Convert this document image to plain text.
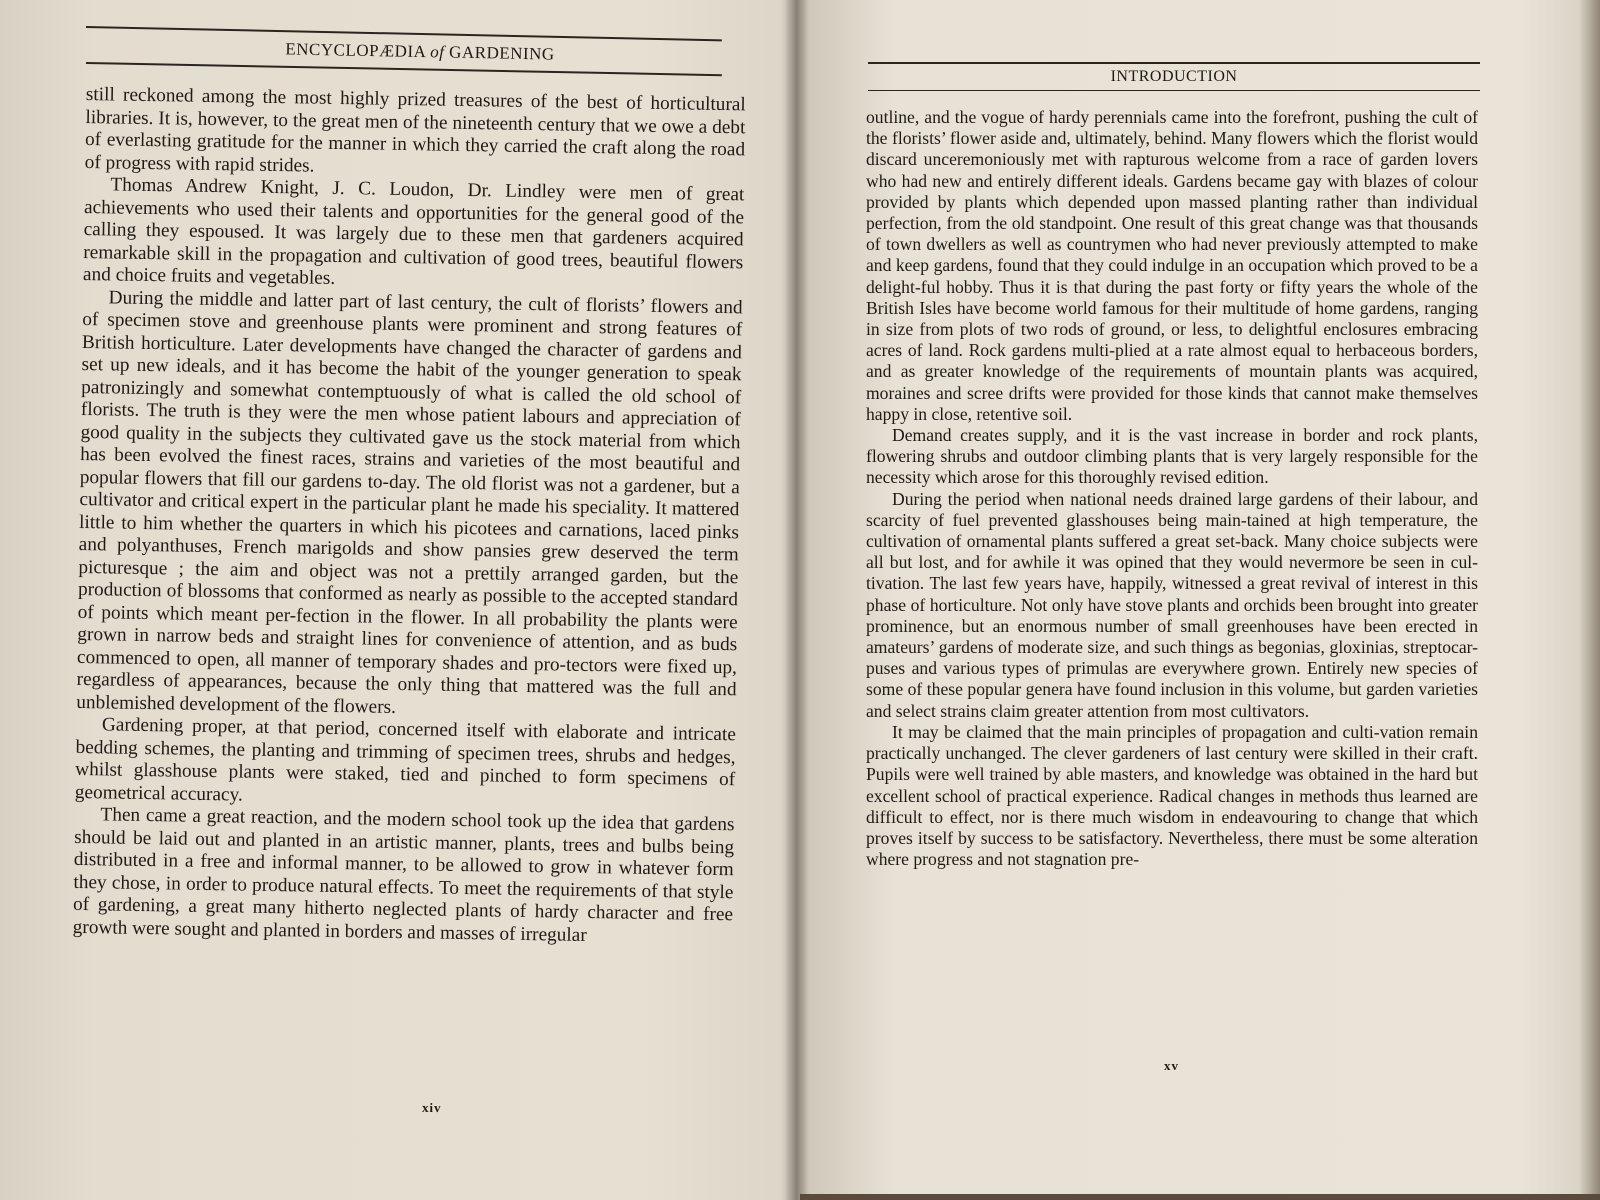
ENCYCLOPÆDIA of GARDENING

still reckoned among the most highly prized treasures of the best of horticultural libraries. It is, however, to the great men of the nineteenth century that we owe a debt of everlasting gratitude for the manner in which they carried the craft along the road of progress with rapid strides.

Thomas Andrew Knight, J. C. Loudon, Dr. Lindley were men of great achievements who used their talents and opportunities for the general good of the calling they espoused. It was largely due to these men that gardeners acquired remarkable skill in the propagation and cultivation of good trees, beautiful flowers and choice fruits and vegetables.

During the middle and latter part of last century, the cult of florists’ flowers and of specimen stove and greenhouse plants were prominent and strong features of British horticulture. Later developments have changed the character of gardens and set up new ideals, and it has become the habit of the younger generation to speak patronizingly and somewhat contemptuously of what is called the old school of florists. The truth is they were the men whose patient labours and appreciation of good quality in the subjects they cultivated gave us the stock material from which has been evolved the finest races, strains and varieties of the most beautiful and popular flowers that fill our gardens to-day. The old florist was not a gardener, but a cultivator and critical expert in the particular plant he made his speciality. It mattered little to him whether the quarters in which his picotees and carnations, laced pinks and polyanthuses, French marigolds and show pansies grew deserved the term picturesque ; the aim and object was not a prettily arranged garden, but the production of blossoms that conformed as nearly as possible to the accepted standard of points which meant per-fection in the flower. In all probability the plants were grown in narrow beds and straight lines for convenience of attention, and as buds commenced to open, all manner of temporary shades and pro-tectors were fixed up, regardless of appearances, because the only thing that mattered was the full and unblemished development of the flowers.

Gardening proper, at that period, concerned itself with elaborate and intricate bedding schemes, the planting and trimming of specimen trees, shrubs and hedges, whilst glasshouse plants were staked, tied and pinched to form specimens of geometrical accuracy.

Then came a great reaction, and the modern school took up the idea that gardens should be laid out and planted in an artistic manner, plants, trees and bulbs being distributed in a free and informal manner, to be allowed to grow in whatever form they chose, in order to produce natural effects. To meet the requirements of that style of gardening, a great many hitherto neglected plants of hardy character and free growth were sought and planted in borders and masses of irregular

xiv
INTRODUCTION

outline, and the vogue of hardy perennials came into the forefront, pushing the cult of the florists’ flower aside and, ultimately, behind. Many flowers which the florist would discard unceremoniously met with rapturous welcome from a race of garden lovers who had new and entirely different ideals. Gardens became gay with blazes of colour provided by plants which depended upon massed planting rather than individual perfection, from the old standpoint. One result of this great change was that thousands of town dwellers as well as countrymen who had never previously attempted to make and keep gardens, found that they could indulge in an occupation which proved to be a delight-ful hobby. Thus it is that during the past forty or fifty years the whole of the British Isles have become world famous for their multitude of home gardens, ranging in size from plots of two rods of ground, or less, to delightful enclosures embracing acres of land. Rock gardens multi-plied at a rate almost equal to herbaceous borders, and as greater knowledge of the requirements of mountain plants was acquired, moraines and scree drifts were provided for those kinds that cannot make themselves happy in close, retentive soil.

Demand creates supply, and it is the vast increase in border and rock plants, flowering shrubs and outdoor climbing plants that is very largely responsible for the necessity which arose for this thoroughly revised edition.

During the period when national needs drained large gardens of their labour, and scarcity of fuel prevented glasshouses being main-tained at high temperature, the cultivation of ornamental plants suffered a great set-back. Many choice subjects were all but lost, and for awhile it was opined that they would nevermore be seen in cul-tivation. The last few years have, happily, witnessed a great revival of interest in this phase of horticulture. Not only have stove plants and orchids been brought into greater prominence, but an enormous number of small greenhouses have been erected in amateurs’ gardens of moderate size, and such things as begonias, gloxinias, streptocar-puses and various types of primulas are everywhere grown. Entirely new species of some of these popular genera have found inclusion in this volume, but garden varieties and select strains claim greater attention from most cultivators.

It may be claimed that the main principles of propagation and culti-vation remain practically unchanged. The clever gardeners of last century were skilled in their craft. Pupils were well trained by able masters, and knowledge was obtained in the hard but excellent school of practical experience. Radical changes in methods thus learned are difficult to effect, nor is there much wisdom in endeavouring to change that which proves itself by success to be satisfactory. Nevertheless, there must be some alteration where progress and not stagnation pre-

xv
